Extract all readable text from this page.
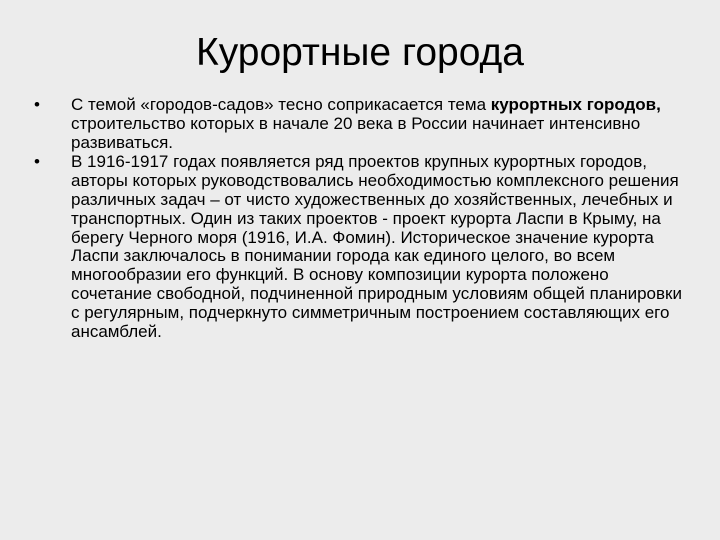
Курортные города
• С темой «городов-садов» тесно соприкасается тема курортных городов, строительство которых в начале 20 века в России начинает интенсивно развиваться.
• В 1916-1917 годах появляется ряд проектов крупных курортных городов, авторы которых руководствовались необходимостью комплексного решения различных задач – от чисто художественных до хозяйственных, лечебных и транспортных. Один из таких проектов - проект курорта Ласпи в Крыму, на берегу Черного моря (1916, И.А. Фомин). Историческое значение курорта Ласпи заключалось в понимании города как единого целого, во всем многообразии его функций. В основу композиции курорта положено сочетание свободной, подчиненной природным условиям общей планировки с регулярным, подчеркнуто симметричным построением составляющих его ансамблей.
